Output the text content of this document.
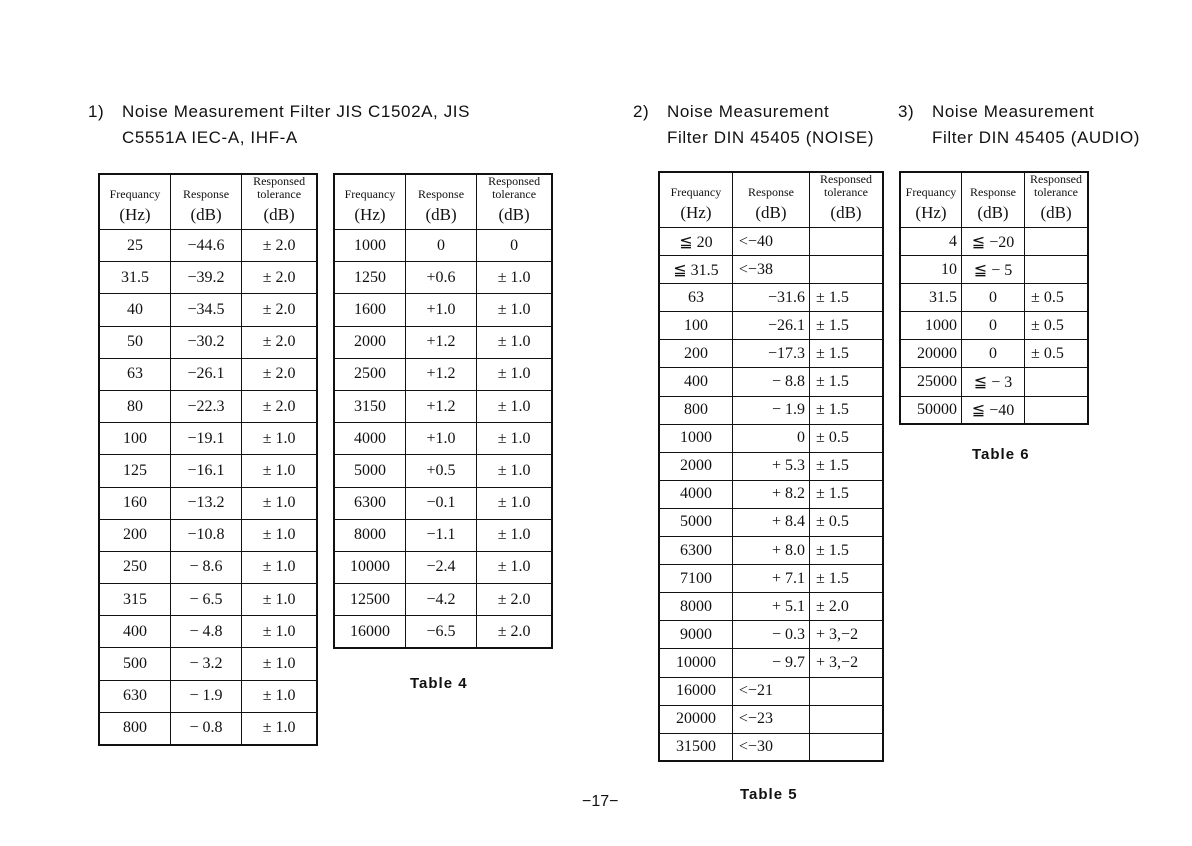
1) Noise Measurement Filter JIS C1502A, JIS
C5551A IEC-A, IHF-A
2) Noise Measurement
Filter DIN 45405 (NOISE)
3) Noise Measurement
Filter DIN 45405 (AUDIO)
Frequancy	Response	Responsed
tolerance
(Hz)	(dB)	(dB)
25	−44.6	± 2.0
31.5	−39.2	± 2.0
40	−34.5	± 2.0
50	−30.2	± 2.0
63	−26.1	± 2.0
80	−22.3	± 2.0
100	−19.1	± 1.0
125	−16.1	± 1.0
160	−13.2	± 1.0
200	−10.8	± 1.0
250	− 8.6	± 1.0
315	− 6.5	± 1.0
400	− 4.8	± 1.0
500	− 3.2	± 1.0
630	− 1.9	± 1.0
800	− 0.8	± 1.0
Frequancy	Response	Responsed
tolerance
(Hz)	(dB)	(dB)
1000	0	0
1250	+0.6	± 1.0
1600	+1.0	± 1.0
2000	+1.2	± 1.0
2500	+1.2	± 1.0
3150	+1.2	± 1.0
4000	+1.0	± 1.0
5000	+0.5	± 1.0
6300	−0.1	± 1.0
8000	−1.1	± 1.0
10000	−2.4	± 1.0
12500	−4.2	± 2.0
16000	−6.5	± 2.0
Table 4
Frequancy	Response	Responsed
tolerance
(Hz)	(dB)	(dB)
≦ 20	<−40	
≦ 31.5	<−38	
63	−31.6	± 1.5
100	−26.1	± 1.5
200	−17.3	± 1.5
400	− 8.8	± 1.5
800	− 1.9	± 1.5
1000	0	± 0.5
2000	+ 5.3	± 1.5
4000	+ 8.2	± 1.5
5000	+ 8.4	± 0.5
6300	+ 8.0	± 1.5
7100	+ 7.1	± 1.5
8000	+ 5.1	± 2.0
9000	− 0.3	+ 3,−2
10000	− 9.7	+ 3,−2
16000	<−21	
20000	<−23	
31500	<−30	
Table 5
Frequancy	Response	Responsed
tolerance
(Hz)	(dB)	(dB)
4	≦ −20	
10	≦ − 5	
31.5	0	± 0.5
1000	0	± 0.5
20000	0	± 0.5
25000	≦ − 3	
50000	≦ −40	
Table 6
−17−
